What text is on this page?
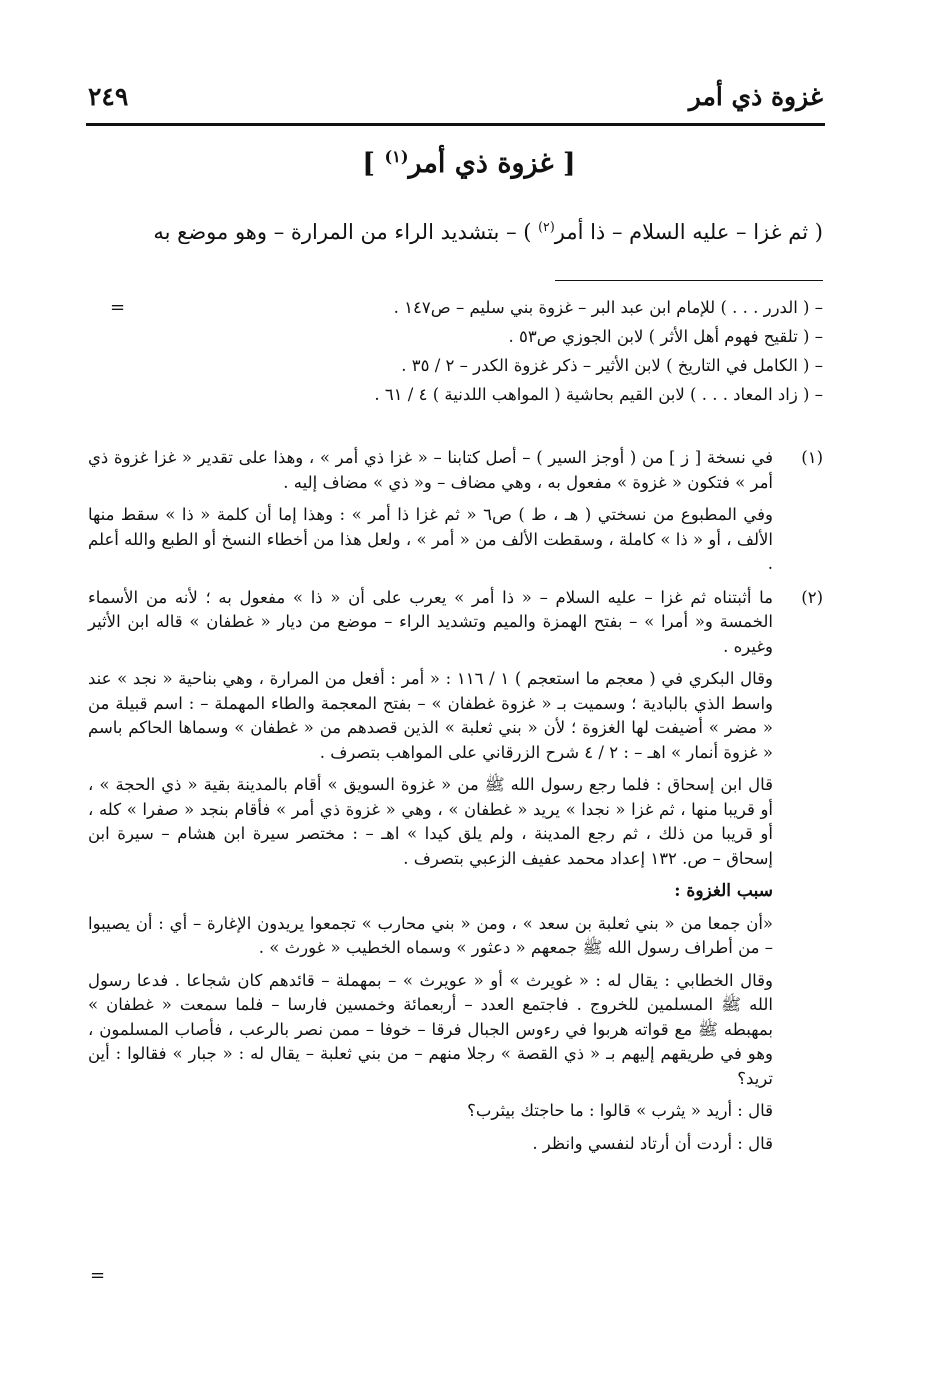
غزوة ذي أمر
٢٤٩
[ غزوة ذي أمر$^{(١)}$ ]
( ثم غزا – عليه السلام – ذا أمر$^{(٢)}$ ) – بتشديد الراء من المرارة – وهو موضع به
=	– ( الدرر . . . ) للإمام ابن عبد البر – غزوة بني سليم – ص١٤٧ .
– ( تلقيح فهوم أهل الأثر ) لابن الجوزي ص٥٣ .
– ( الكامل في التاريخ ) لابن الأثير – ذكر غزوة الكدر – ٢ / ٣٥ .
– ( زاد المعاد . . . ) لابن القيم بحاشية ( المواهب اللدنية ) ٤ / ٦١ .
(١)

في نسخة [ ز ] من ( أوجز السير ) – أصل كتابنا – « غزا ذي أمر » ، وهذا على تقدير « غزا غزوة ذي أمر » فتكون « غزوة » مفعول به ، وهي مضاف – و« ذي » مضاف إليه .

وفي المطبوع من نسختي ( هـ ، ط ) ص٦ « ثم غزا ذا أمر » : وهذا إما أن كلمة « ذا » سقط منها الألف ، أو « ذا » كاملة ، وسقطت الألف من « أمر » ، ولعل هذا من أخطاء النسخ أو الطبع والله أعلم .

(٢)

ما أثبتناه ثم غزا – عليه السلام – « ذا أمر » يعرب على أن « ذا » مفعول به ؛ لأنه من الأسماء الخمسة و« أمرا » – بفتح الهمزة والميم وتشديد الراء – موضع من ديار « غطفان » قاله ابن الأثير وغيره .

وقال البكري في ( معجم ما استعجم ) ١ / ١١٦ : « أمر : أفعل من المرارة ، وهي بناحية « نجد » عند واسط الذي بالبادية ؛ وسميت بـ « غزوة غطفان » – بفتح المعجمة والطاء المهملة – : اسم قبيلة من « مضر » أضيفت لها الغزوة ؛ لأن « بني ثعلبة » الذين قصدهم من « غطفان » وسماها الحاكم باسم « غزوة أنمار » اهـ – : ٢ / ٤ شرح الزرقاني على المواهب بتصرف .

قال ابن إسحاق : فلما رجع رسول الله ﷺ من « غزوة السويق » أقام بالمدينة بقية « ذي الحجة » ، أو قريبا منها ، ثم غزا « نجدا » يريد « غطفان » ، وهي « غزوة ذي أمر » فأقام بنجد « صفرا » كله ، أو قريبا من ذلك ، ثم رجع المدينة ، ولم يلق كيدا » اهـ – : مختصر سيرة ابن هشام – سيرة ابن إسحاق – ص. ١٣٢ إعداد محمد عفيف الزعبي بتصرف .

سبب الغزوة :

«أن جمعا من « بني ثعلبة بن سعد » ، ومن « بني محارب » تجمعوا يريدون الإغارة – أي : أن يصيبوا – من أطراف رسول الله ﷺ جمعهم « دعثور » وسماه الخطيب « غورث » .

وقال الخطابي : يقال له : « غويرث » أو « عويرث » – بمهملة – قائدهم كان شجاعا . فدعا رسول الله ﷺ المسلمين للخروج . فاجتمع العدد – أربعمائة وخمسين فارسا – فلما سمعت « غطفان » بمهبطه ﷺ مع قواته هربوا في رءوس الجبال فرقا – خوفا – ممن نصر بالرعب ، فأصاب المسلمون ، وهو في طريقهم إليهم بـ « ذي القصة » رجلا منهم – من بني ثعلبة – يقال له : « جبار » فقالوا : أين تريد؟

قال : أريد « يثرب » قالوا : ما حاجتك بيثرب؟

قال : أردت أن أرتاد لنفسي وانظر .

=
